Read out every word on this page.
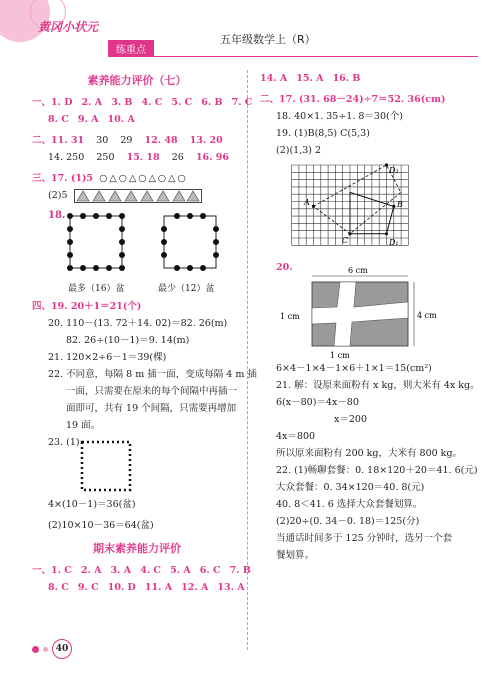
黄冈小状元
练重点
五年级数学上（R）
素养能力评价（七）
一、1. D 2. A 3. B 4. C 5. C 6. B 7. C
8. C 9. A 10. A
二、11. 31 30 29 12. 48 13. 20
14. 250 250 15. 18 26 16. 96
三、17. (1)5 ○△○△○△○△○
(2)5
18.
最多（16）盆	最少（12）盆
四、19. 20＋1＝21(个)
20. 110－(13. 72＋14. 02)＝82. 26(m)
82. 26÷(10－1)＝9. 14(m)
21. 120×2÷6－1＝39(棵)
22. 不同意，每隔 8 m 插一面，变成每隔 4 m 插
一面，只需要在原来的每个间隔中再插一
面即可，共有 19 个间隔，只需要再增加
19 面。
23. (1)
4×(10－1)＝36(盆)
(2)10×10－36＝64(盆)
期末素养能力评价
一、1. C 2. A 3. A 4. C 5. A 6. C 7. B
8. C 9. C 10. D 11. A 12. A 13. A
14. A 15. A 16. B
二、17. (31. 68－24)÷7＝52. 36(cm)
18. 40×1. 35÷1. 8＝30(个)
19. (1)B(8,5) C(5,3)
(2)(1,3) 2
D₂
A	B
C	D₁
20.	6 cm
4 cm
1 cm
1 cm
6×4－1×4－1×6＋1×1＝15(cm²)
21. 解：设原来面粉有 x kg，则大米有 4x kg。
6(x－80)＝4x－80
x＝200
4x＝800
所以原来面粉有 200 kg，大米有 800 kg。
22. (1)畅聊套餐：0. 18×120＋20＝41. 6(元)
大众套餐：0. 34×120＝40. 8(元)
40. 8＜41. 6 选择大众套餐划算。
(2)20÷(0. 34－0. 18)＝125(分)
当通话时间多于 125 分钟时，选另一个套
餐划算。
40
